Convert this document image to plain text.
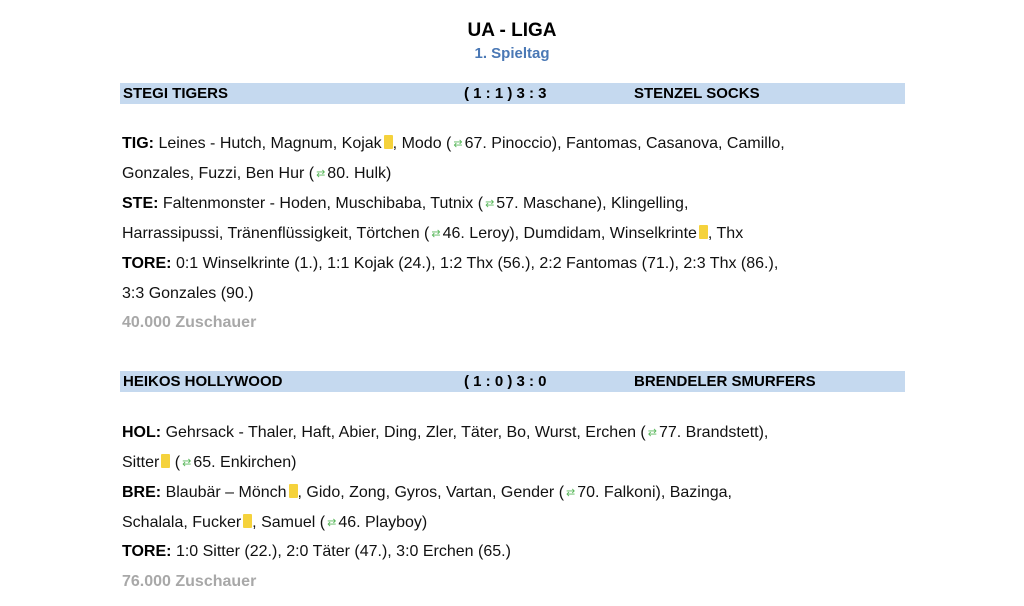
UA - LIGA
1. Spieltag
STEGI TIGERS	( 1 : 1 ) 3 : 3	STENZEL SOCKS
TIG: Leines - Hutch, Magnum, Kojak , Modo ( ⇄ 67. Pinoccio), Fantomas, Casanova, Camillo,
Gonzales, Fuzzi, Ben Hur ( ⇄ 80. Hulk)
STE: Faltenmonster - Hoden, Muschibaba, Tutnix ( ⇄ 57. Maschane), Klingelling,
Harrassipussi, Tränenflüssigkeit, Törtchen ( ⇄ 46. Leroy), Dumdidam, Winselkrinte , Thx
TORE: 0:1 Winselkrinte (1.), 1:1 Kojak (24.), 1:2 Thx (56.), 2:2 Fantomas (71.), 2:3 Thx (86.),
3:3 Gonzales (90.)
40.000 Zuschauer
HEIKOS HOLLYWOOD	( 1 : 0 ) 3 : 0	BRENDELER SMURFERS
HOL: Gehrsack - Thaler, Haft, Abier, Ding, Zler, Täter, Bo, Wurst, Erchen ( ⇄ 77. Brandstett),
Sitter ( ⇄ 65. Enkirchen)
BRE: Blaubär – Mönch , Gido, Zong, Gyros, Vartan, Gender ( ⇄ 70. Falkoni), Bazinga,
Schalala, Fucker , Samuel ( ⇄ 46. Playboy)
TORE: 1:0 Sitter (22.), 2:0 Täter (47.), 3:0 Erchen (65.)
76.000 Zuschauer
